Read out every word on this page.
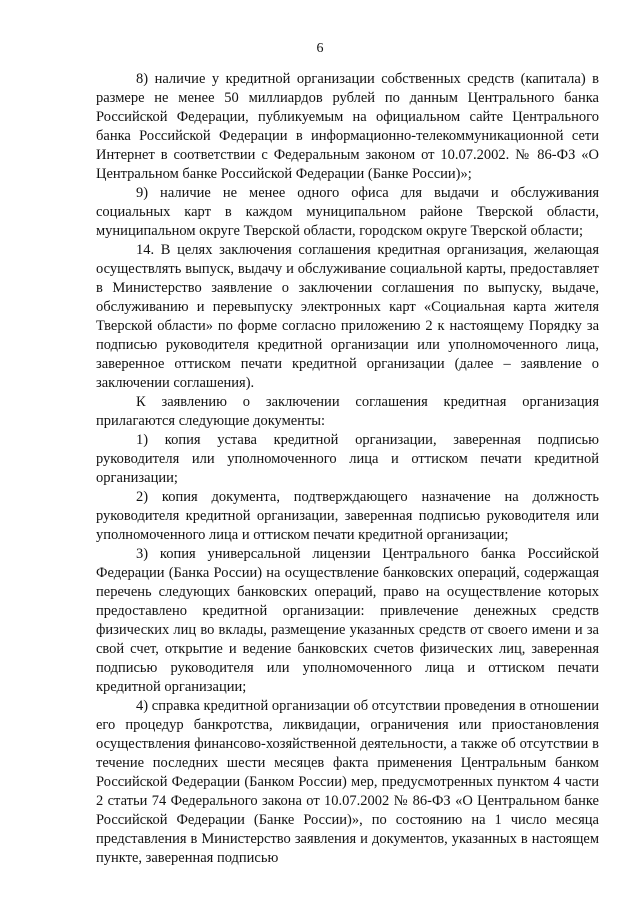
6

8) наличие у кредитной организации собственных средств (капитала) в размере не менее 50 миллиардов рублей по данным Центрального банка Российской Федерации, публикуемым на официальном сайте Центрального банка Российской Федерации в информационно-телекоммуникационной сети Интернет в соответствии с Федеральным законом от 10.07.2002. № 86-ФЗ «О Центральном банке Российской Федерации (Банке России)»;

9) наличие не менее одного офиса для выдачи и обслуживания социальных карт в каждом муниципальном районе Тверской области, муниципальном округе Тверской области, городском округе Тверской области;

14. В целях заключения соглашения кредитная организация, желающая осуществлять выпуск, выдачу и обслуживание социальной карты, предоставляет в Министерство заявление о заключении соглашения по выпуску, выдаче, обслуживанию и перевыпуску электронных карт «Социальная карта жителя Тверской области» по форме согласно приложению 2 к настоящему Порядку за подписью руководителя кредитной организации или уполномоченного лица, заверенное оттиском печати кредитной организации (далее – заявление о заключении соглашения).

К заявлению о заключении соглашения кредитная организация прилагаются следующие документы:

1) копия устава кредитной организации, заверенная подписью руководителя или уполномоченного лица и оттиском печати кредитной организации;

2) копия документа, подтверждающего назначение на должность руководителя кредитной организации, заверенная подписью руководителя или уполномоченного лица и оттиском печати кредитной организации;

3) копия универсальной лицензии Центрального банка Российской Федерации (Банка России) на осуществление банковских операций, содержащая перечень следующих банковских операций, право на осуществление которых предоставлено кредитной организации: привлечение денежных средств физических лиц во вклады, размещение указанных средств от своего имени и за свой счет, открытие и ведение банковских счетов физических лиц, заверенная подписью руководителя или уполномоченного лица и оттиском печати кредитной организации;

4) справка кредитной организации об отсутствии проведения в отношении его процедур банкротства, ликвидации, ограничения или приостановления осуществления финансово-хозяйственной деятельности, а также об отсутствии в течение последних шести месяцев факта применения Центральным банком Российской Федерации (Банком России) мер, предусмотренных пунктом 4 части 2 статьи 74 Федерального закона от 10.07.2002 № 86-ФЗ «О Центральном банке Российской Федерации (Банке России)», по состоянию на 1 число месяца представления в Министерство заявления и документов, указанных в настоящем пункте, заверенная подписью
